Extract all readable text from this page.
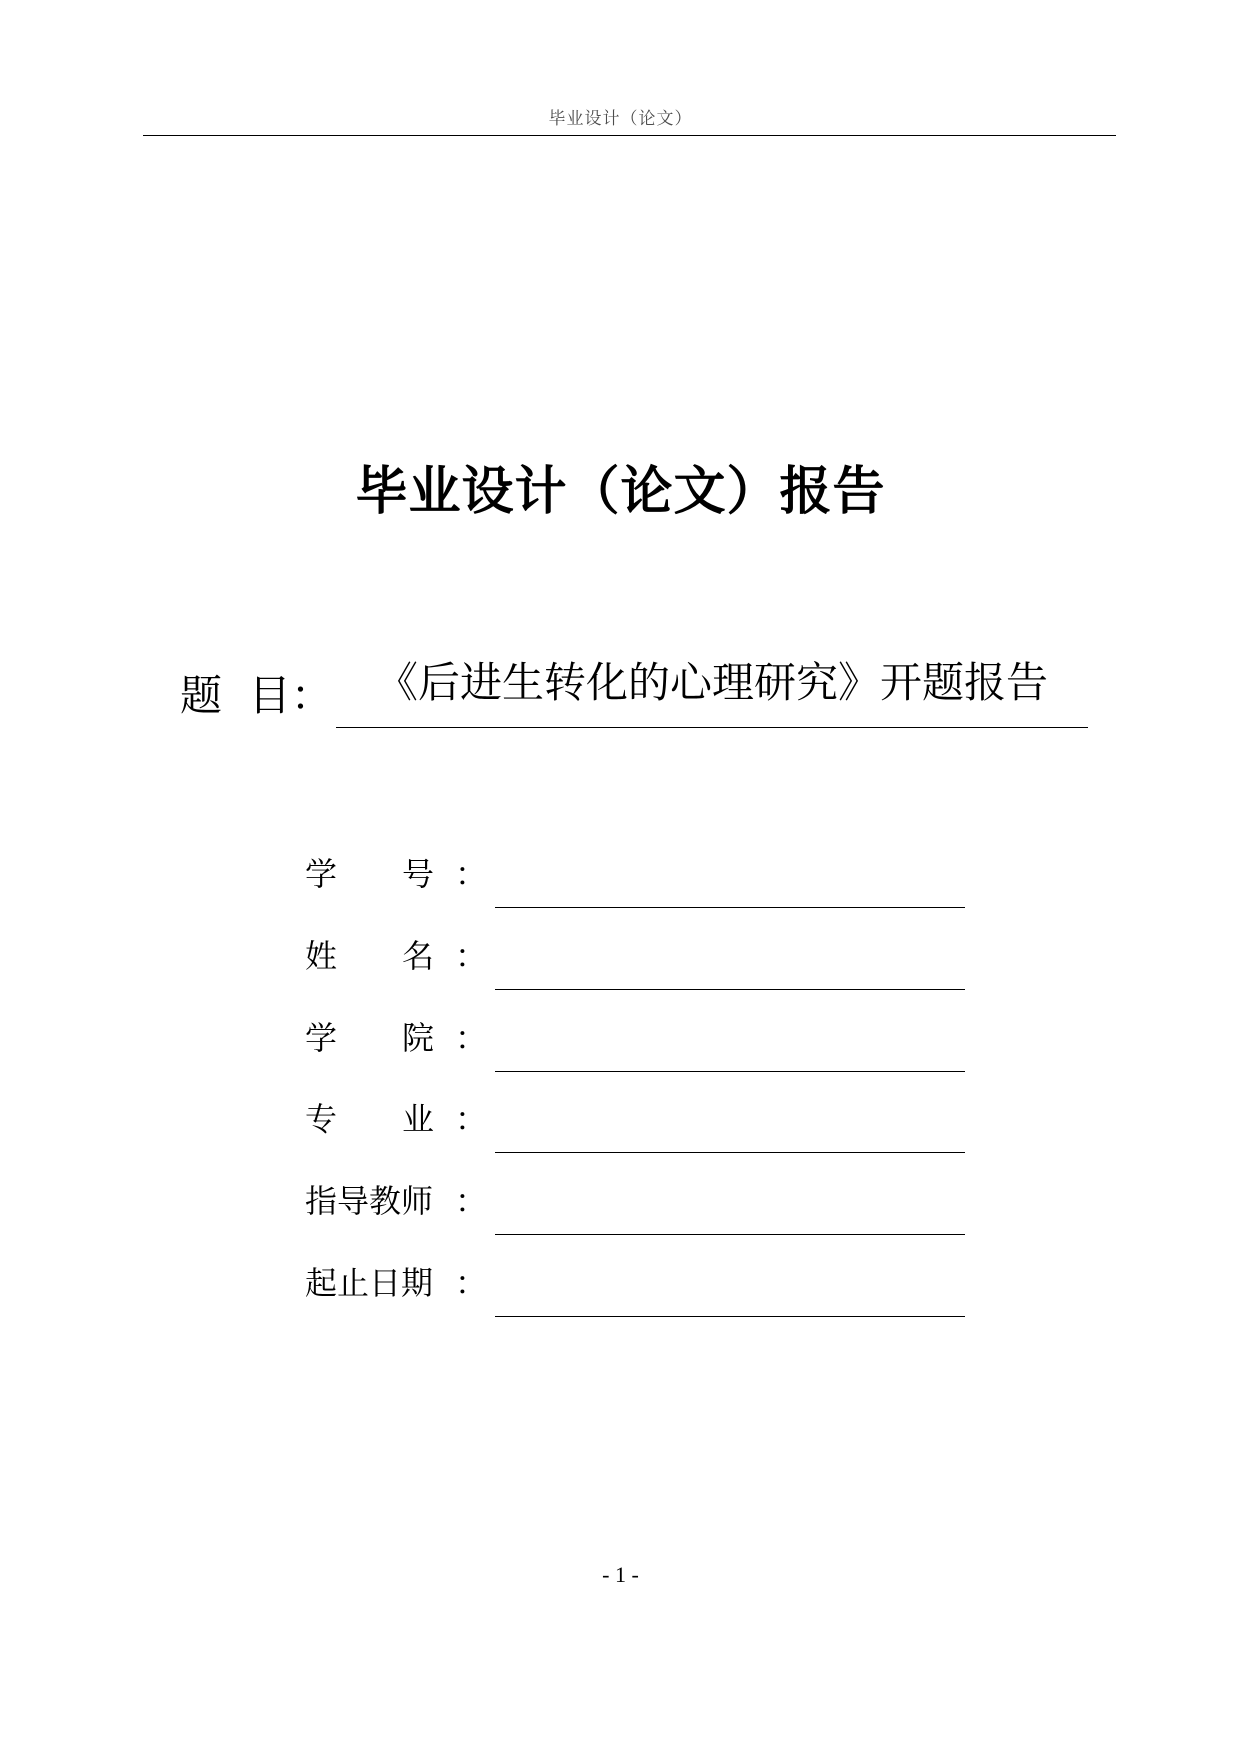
毕业设计（论文）
毕业设计（论文）报告
题  目：	《后进生转化的心理研究》开题报告
学 号 ：
姓 名 ：
学 院 ：
专 业 ：
指导教师 ：
起止日期 ：
- 1 -
